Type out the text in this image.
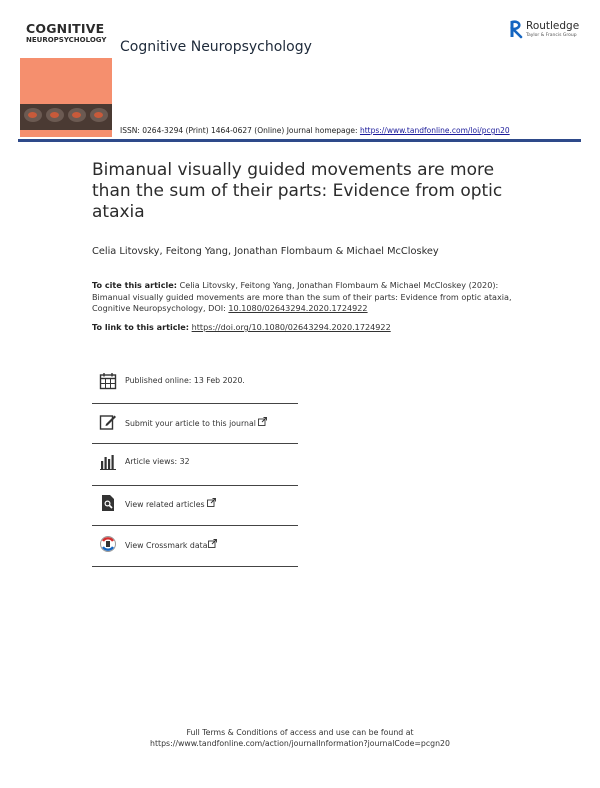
COGNITIVE
NEUROPSYCHOLOGY Cognitive Neuropsychology
Routledge
Taylor & Francis Group
ISSN: 0264-3294 (Print) 1464-0627 (Online) Journal homepage: https://www.tandfonline.com/loi/pcgn20
Bimanual visually guided movements are more than the sum of their parts: Evidence from optic ataxia
Celia Litovsky, Feitong Yang, Jonathan Flombaum & Michael McCloskey
To cite this article: Celia Litovsky, Feitong Yang, Jonathan Flombaum & Michael McCloskey (2020): Bimanual visually guided movements are more than the sum of their parts: Evidence from optic ataxia, Cognitive Neuropsychology, DOI: 10.1080/02643294.2020.1724922
To link to this article: https://doi.org/10.1080/02643294.2020.1724922
Published online: 13 Feb 2020.
Submit your article to this journal
Article views: 32
View related articles
View Crossmark data
Full Terms & Conditions of access and use can be found at
https://www.tandfonline.com/action/journalInformation?journalCode=pcgn20
